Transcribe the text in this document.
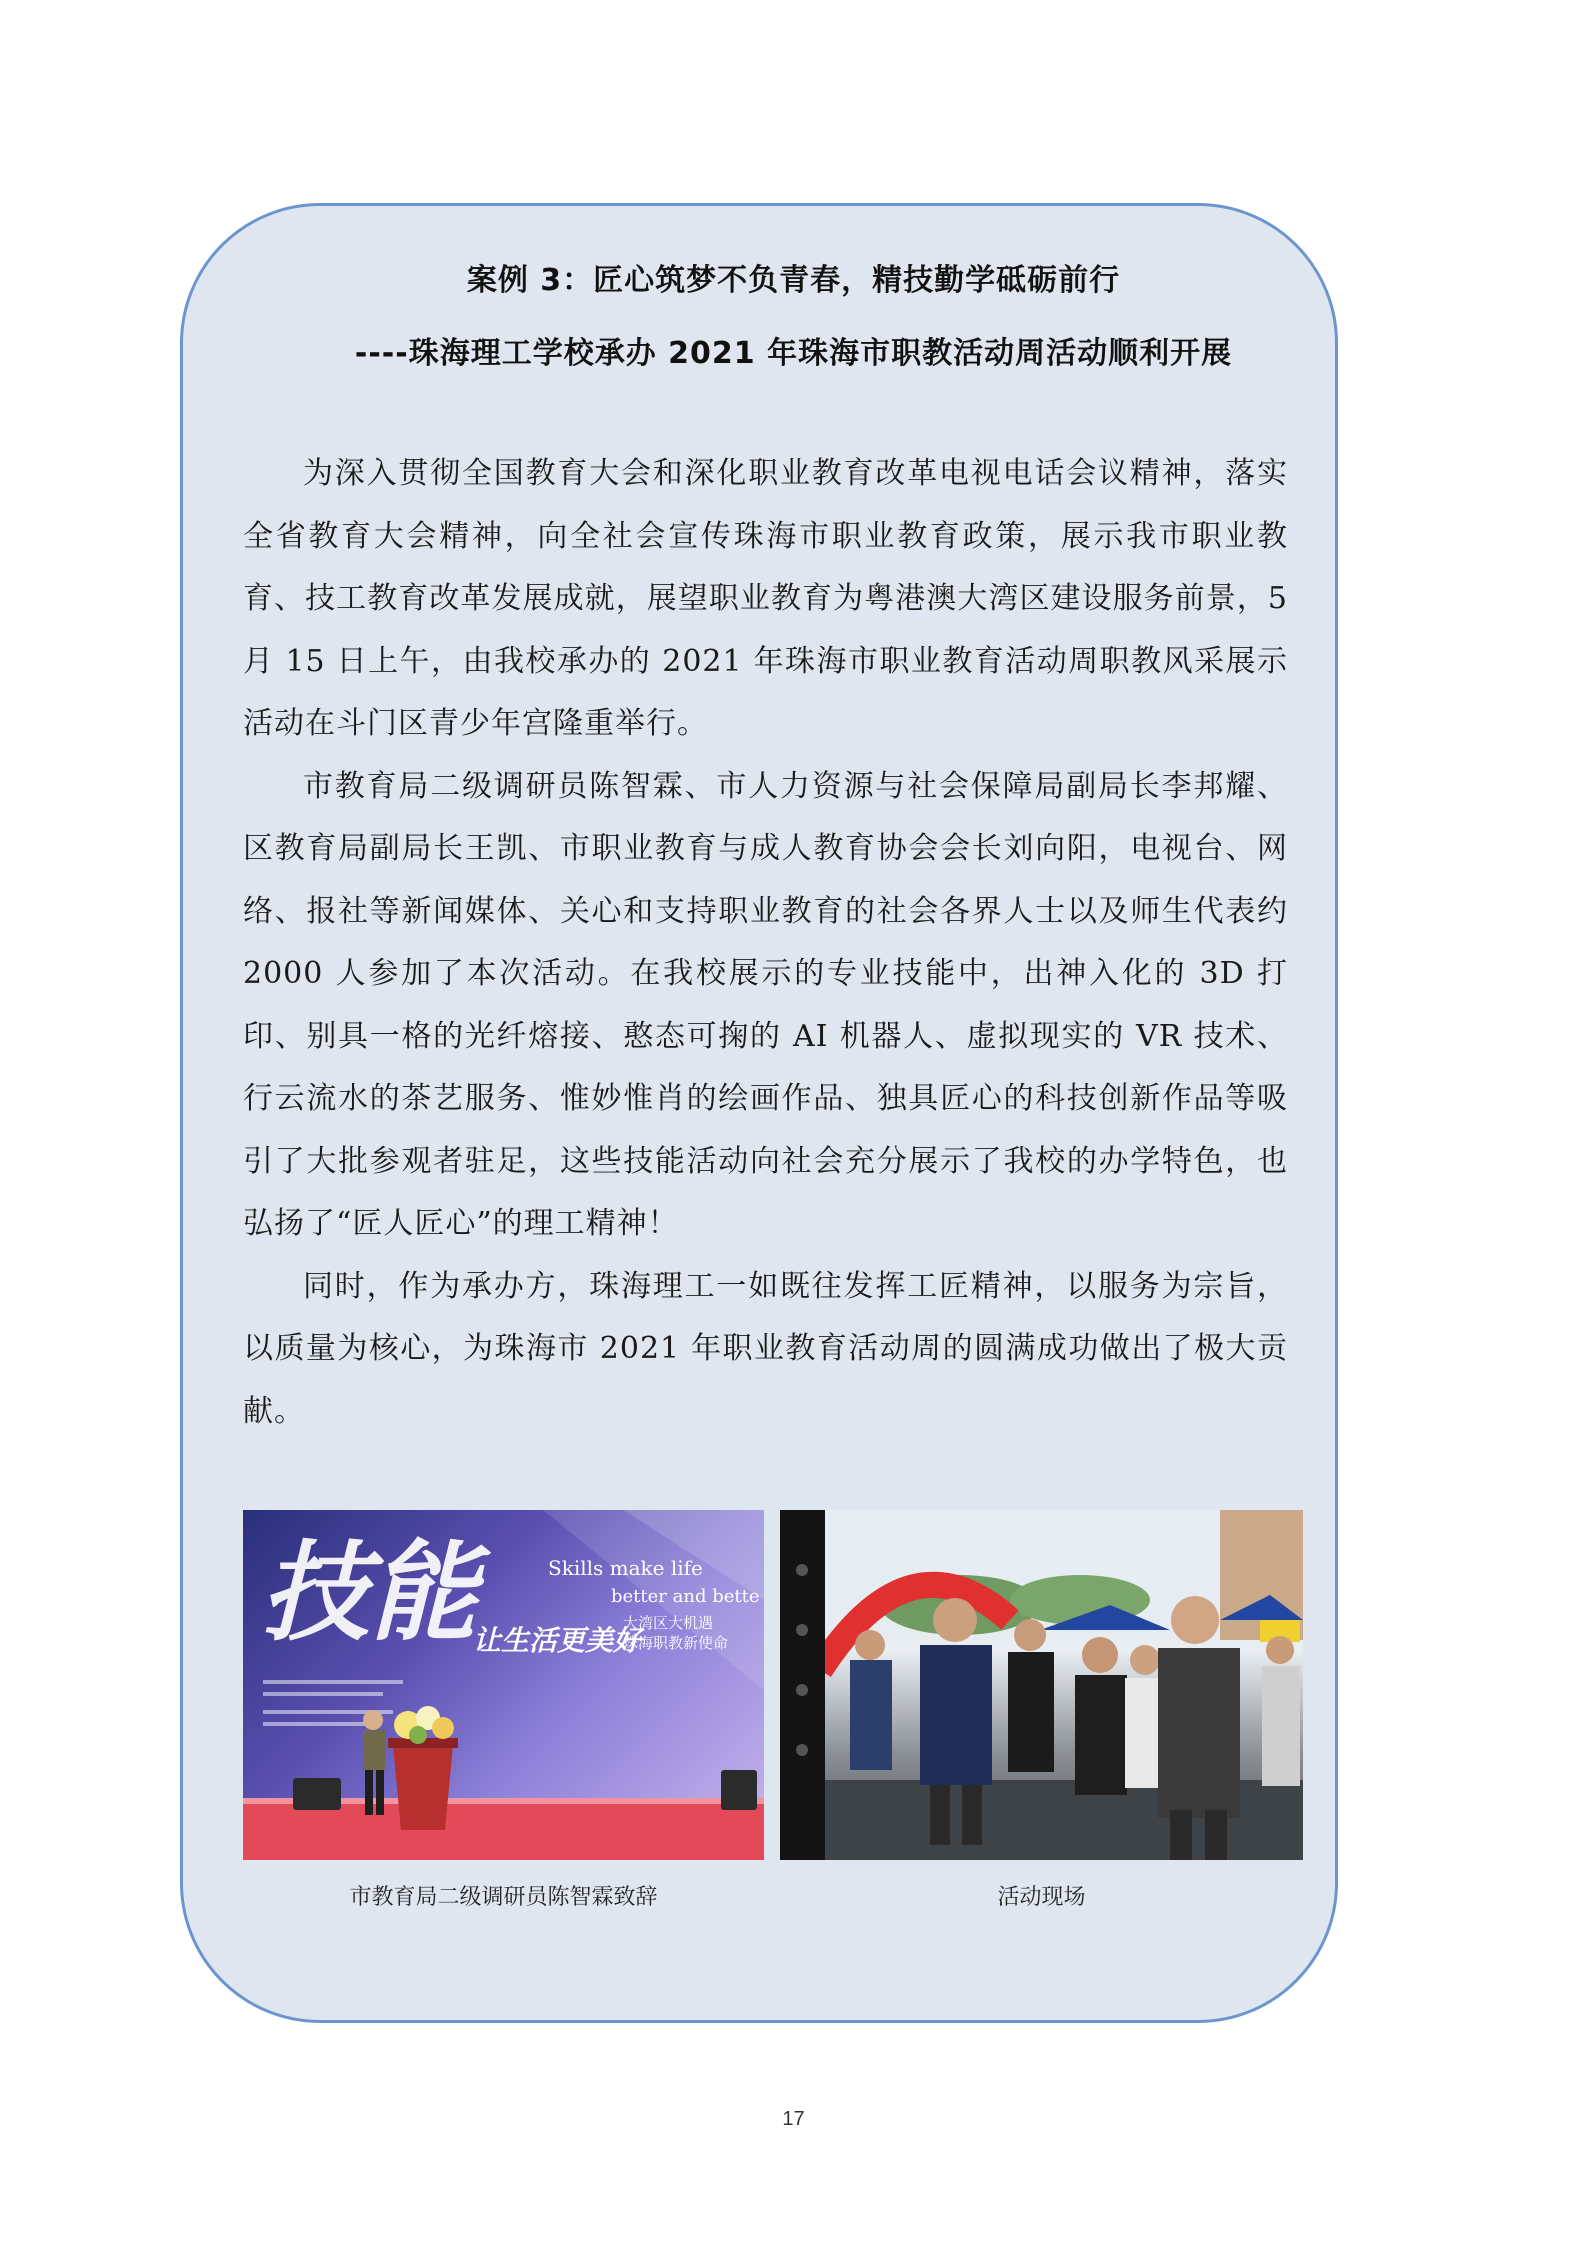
案例 3：匠心筑梦不负青春，精技勤学砥砺前行
----珠海理工学校承办 2021 年珠海市职教活动周活动顺利开展

为深入贯彻全国教育大会和深化职业教育改革电视电话会议精神，落实全省教育大会精神，向全社会宣传珠海市职业教育政策，展示我市职业教育、技工教育改革发展成就，展望职业教育为粤港澳大湾区建设服务前景，5 月 15 日上午，由我校承办的 2021 年珠海市职业教育活动周职教风采展示活动在斗门区青少年宫隆重举行。

市教育局二级调研员陈智霖、市人力资源与社会保障局副局长李邦耀、区教育局副局长王凯、市职业教育与成人教育协会会长刘向阳，电视台、网络、报社等新闻媒体、关心和支持职业教育的社会各界人士以及师生代表约 2000 人参加了本次活动。在我校展示的专业技能中，出神入化的 3D 打印、别具一格的光纤熔接、憨态可掬的 AI 机器人、虚拟现实的 VR 技术、行云流水的茶艺服务、惟妙惟肖的绘画作品、独具匠心的科技创新作品等吸引了大批参观者驻足，这些技能活动向社会充分展示了我校的办学特色，也弘扬了“匠人匠心”的理工精神！

同时，作为承办方，珠海理工一如既往发挥工匠精神，以服务为宗旨，以质量为核心，为珠海市 2021 年职业教育活动周的圆满成功做出了极大贡献。

技能
让生活更美好
Skills make life
better and bette
大湾区大机遇
珠海职教新使命
市教育局二级调研员陈智霖致辞	活动现场
17
